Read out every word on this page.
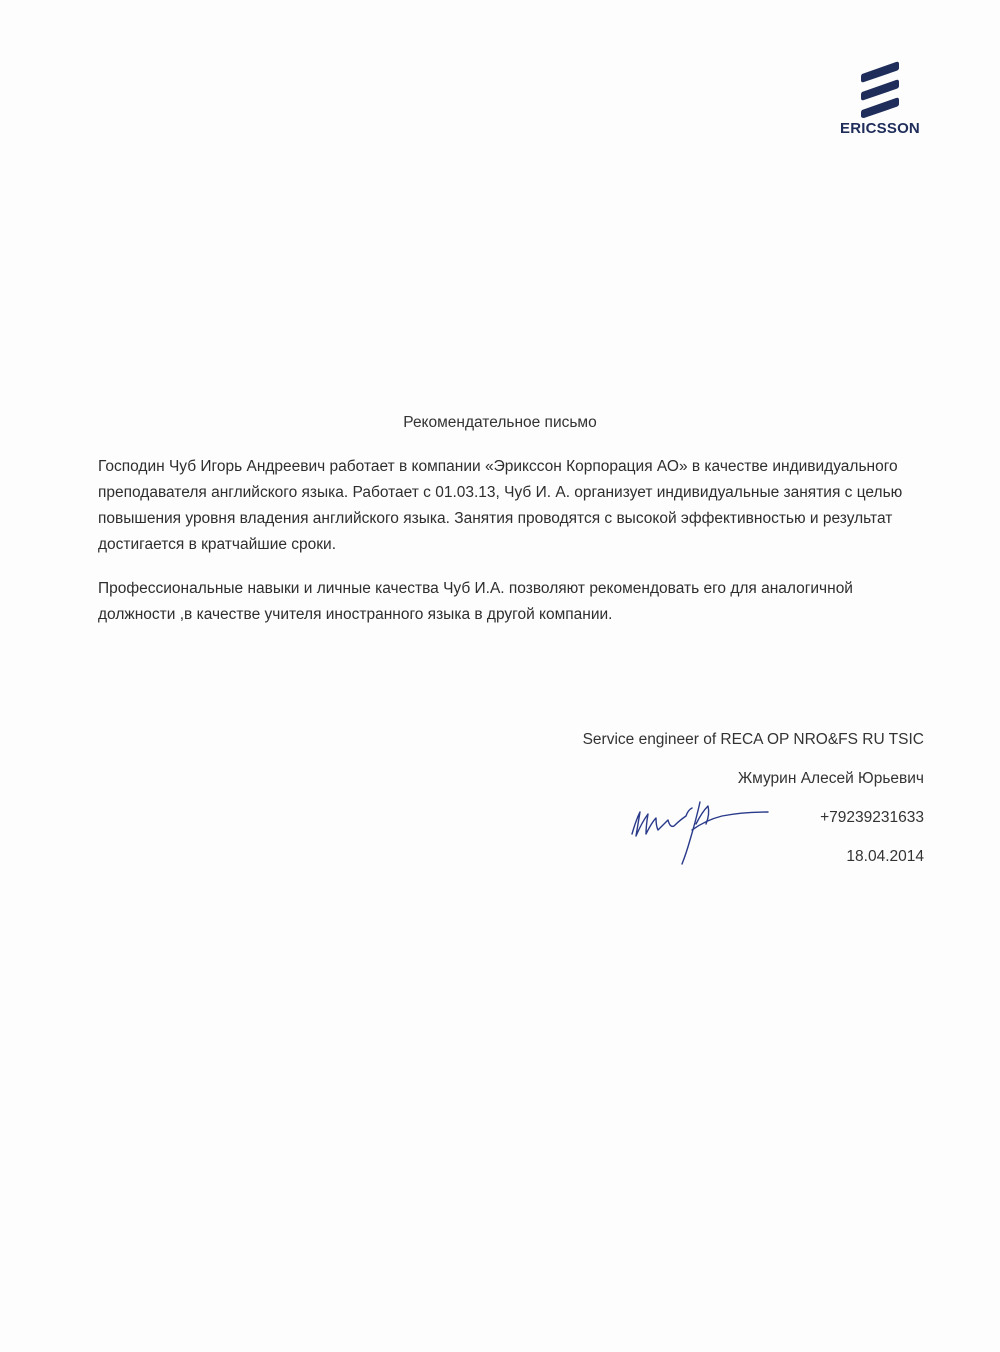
ERICSSON
Рекомендательное письмо

Господин Чуб Игорь Андреевич работает в компании «Эрикссон Корпорация АО» в качестве индивидуального преподавателя английского языка. Работает с 01.03.13, Чуб И. А. организует индивидуальные занятия с целью повышения уровня владения английского языка. Занятия проводятся с высокой эффективностью и результат достигается в кратчайшие сроки.

Профессиональные навыки и личные качества Чуб И.А. позволяют рекомендовать его для аналогичной должности ,в качестве учителя иностранного языка в другой компании.

Service engineer of RECA OP NRO&FS RU TSIC
Жмурин Алесей Юрьевич
+79239231633
18.04.2014
